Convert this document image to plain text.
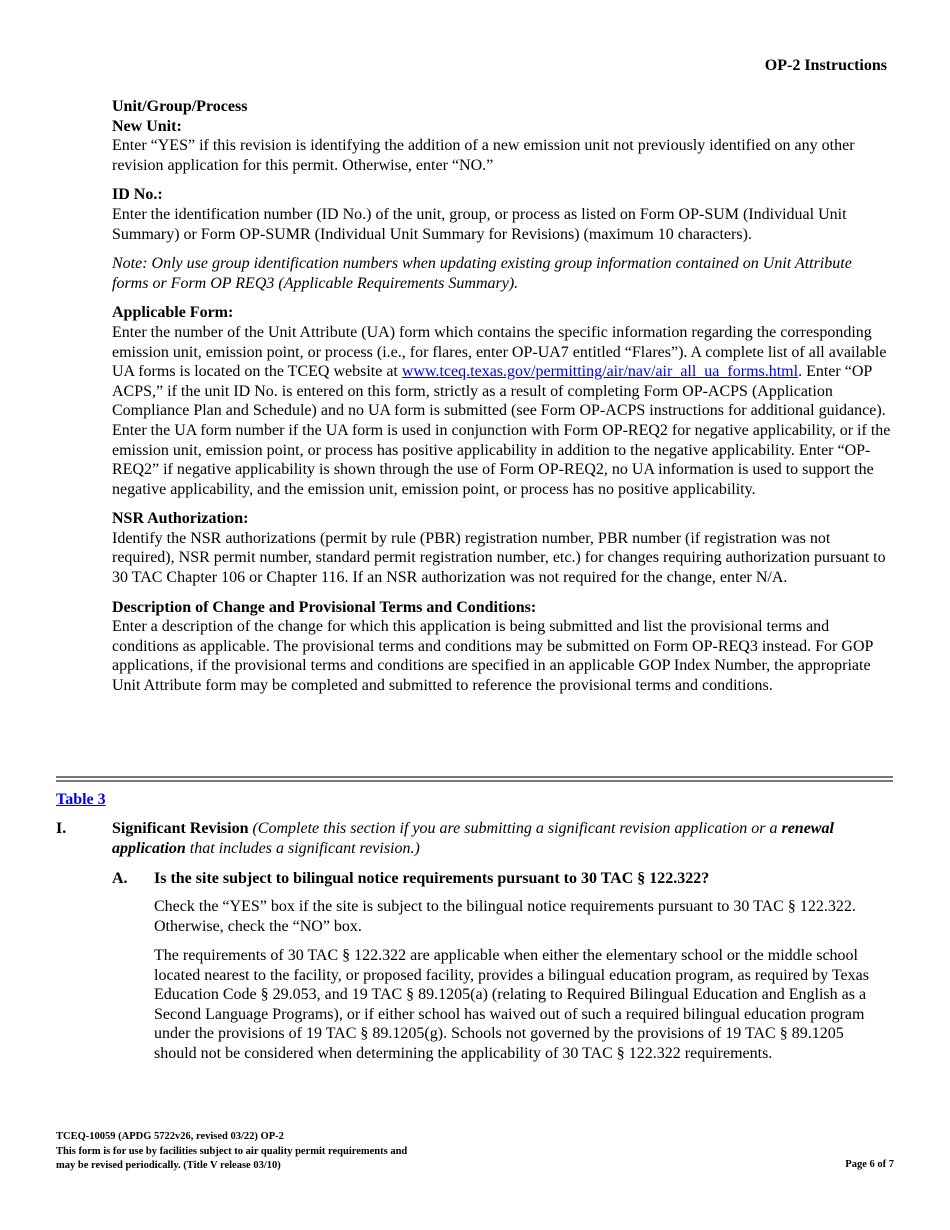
OP-2 Instructions

Unit/Group/Process

New Unit:

Enter “YES” if this revision is identifying the addition of a new emission unit not previously identified on any other revision application for this permit. Otherwise, enter “NO.”

ID No.:

Enter the identification number (ID No.) of the unit, group, or process as listed on Form OP-SUM (Individual Unit Summary) or Form OP-SUMR (Individual Unit Summary for Revisions) (maximum 10 characters).

Note: Only use group identification numbers when updating existing group information contained on Unit Attribute forms or Form OP REQ3 (Applicable Requirements Summary).

Applicable Form:

Enter the number of the Unit Attribute (UA) form which contains the specific information regarding the corresponding emission unit, emission point, or process (i.e., for flares, enter OP-UA7 entitled “Flares”). A complete list of all available UA forms is located on the TCEQ website at www.tceq.texas.gov/permitting/air/nav/air_all_ua_forms.html. Enter “OP ACPS,” if the unit ID No. is entered on this form, strictly as a result of completing Form OP-ACPS (Application Compliance Plan and Schedule) and no UA form is submitted (see Form OP-ACPS instructions for additional guidance). Enter the UA form number if the UA form is used in conjunction with Form OP-REQ2 for negative applicability, or if the emission unit, emission point, or process has positive applicability in addition to the negative applicability. Enter “OP-REQ2” if negative applicability is shown through the use of Form OP-REQ2, no UA information is used to support the negative applicability, and the emission unit, emission point, or process has no positive applicability.

NSR Authorization:

Identify the NSR authorizations (permit by rule (PBR) registration number, PBR number (if registration was not required), NSR permit number, standard permit registration number, etc.) for changes requiring authorization pursuant to 30 TAC Chapter 106 or Chapter 116. If an NSR authorization was not required for the change, enter N/A.

Description of Change and Provisional Terms and Conditions:

Enter a description of the change for which this application is being submitted and list the provisional terms and conditions as applicable. The provisional terms and conditions may be submitted on Form OP-REQ3 instead. For GOP applications, if the provisional terms and conditions are specified in an applicable GOP Index Number, the appropriate Unit Attribute form may be completed and submitted to reference the provisional terms and conditions.

Table 3
I.	Significant Revision (Complete this section if you are submitting a significant revision application or a renewal application that includes a significant revision.)
A. Is the site subject to bilingual notice requirements pursuant to 30 TAC § 122.322?

Check the “YES” box if the site is subject to the bilingual notice requirements pursuant to 30 TAC § 122.322. Otherwise, check the “NO” box.

The requirements of 30 TAC § 122.322 are applicable when either the elementary school or the middle school located nearest to the facility, or proposed facility, provides a bilingual education program, as required by Texas Education Code § 29.053, and 19 TAC § 89.1205(a) (relating to Required Bilingual Education and English as a Second Language Programs), or if either school has waived out of such a required bilingual education program under the provisions of 19 TAC § 89.1205(g). Schools not governed by the provisions of 19 TAC § 89.1205 should not be considered when determining the applicability of 30 TAC § 122.322 requirements.

TCEQ-10059 (APDG 5722v26, revised 03/22) OP-2
This form is for use by facilities subject to air quality permit requirements and
may be revised periodically. (Title V release 03/10)	Page 6 of 7
